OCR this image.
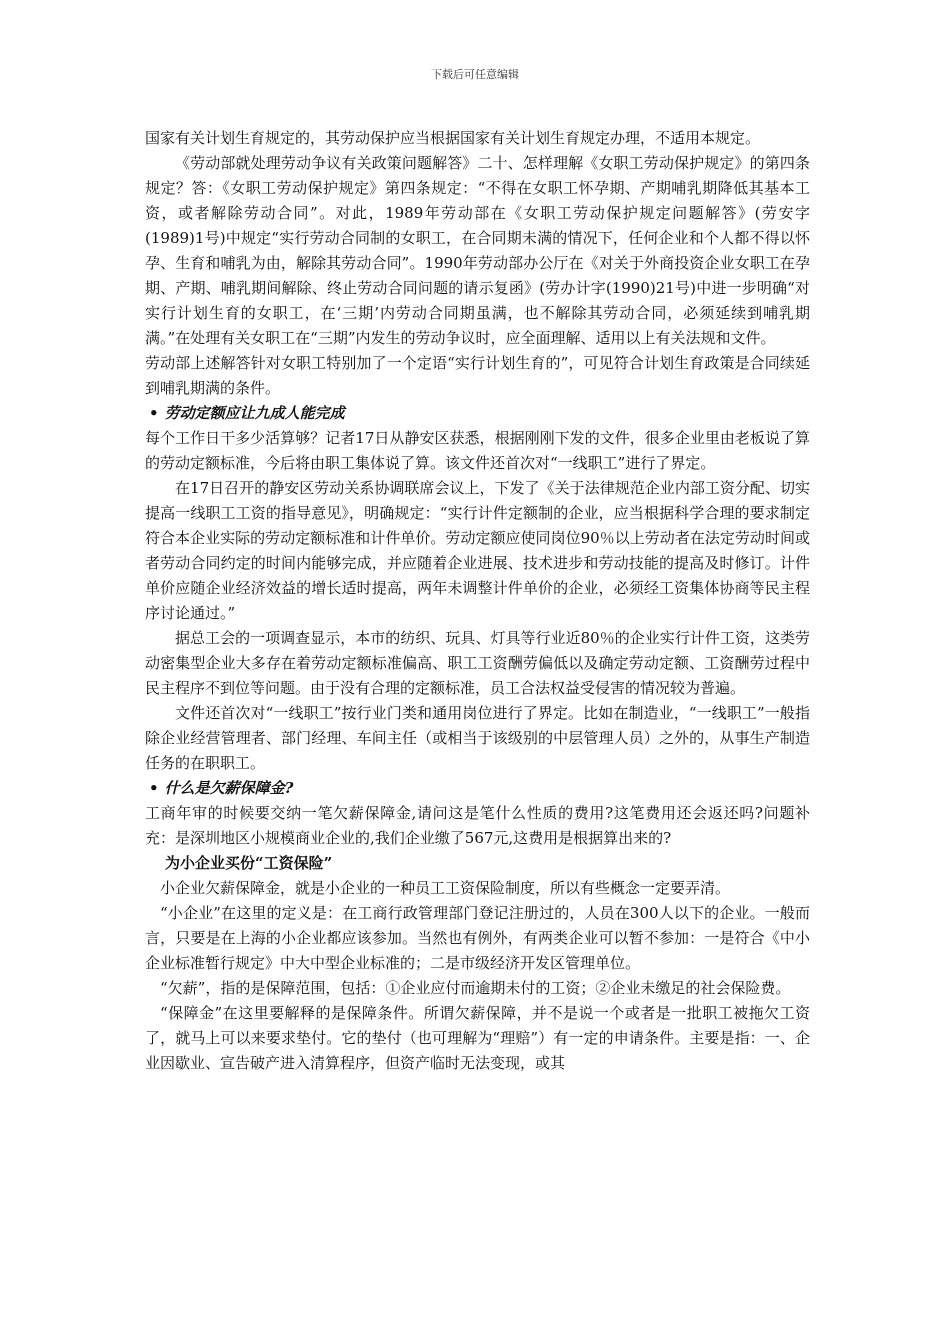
下载后可任意编辑

国家有关计划生育规定的，其劳动保护应当根据国家有关计划生育规定办理，不适用本规定。

《劳动部就处理劳动争议有关政策问题解答》二十、怎样理解《女职工劳动保护规定》的第四条规定？答：《女职工劳动保护规定》第四条规定：“不得在女职工怀孕期、产期哺乳期降低其基本工资，或者解除劳动合同”。对此，1989年劳动部在《女职工劳动保护规定问题解答》(劳安字(1989)1号)中规定“实行劳动合同制的女职工，在合同期未满的情况下，任何企业和个人都不得以怀孕、生育和哺乳为由，解除其劳动合同”。1990年劳动部办公厅在《对关于外商投资企业女职工在孕期、产期、哺乳期间解除、终止劳动合同问题的请示复函》(劳办计字(1990)21号)中进一步明确“对实行计划生育的女职工，在‘三期’内劳动合同期虽满，也不解除其劳动合同，必须延续到哺乳期满。”在处理有关女职工在“三期”内发生的劳动争议时，应全面理解、适用以上有关法规和文件。

劳动部上述解答针对女职工特别加了一个定语“实行计划生育的”，可见符合计划生育政策是合同续延到哺乳期满的条件。

• 劳动定额应让九成人能完成

每个工作日干多少活算够？记者17日从静安区获悉，根据刚刚下发的文件，很多企业里由老板说了算的劳动定额标准，今后将由职工集体说了算。该文件还首次对“一线职工”进行了界定。

在17日召开的静安区劳动关系协调联席会议上，下发了《关于法律规范企业内部工资分配、切实提高一线职工工资的指导意见》，明确规定：“实行计件定额制的企业，应当根据科学合理的要求制定符合本企业实际的劳动定额标准和计件单价。劳动定额应使同岗位90％以上劳动者在法定劳动时间或者劳动合同约定的时间内能够完成，并应随着企业进展、技术进步和劳动技能的提高及时修订。计件单价应随企业经济效益的增长适时提高，两年未调整计件单价的企业，必须经工资集体协商等民主程序讨论通过。”

据总工会的一项调查显示，本市的纺织、玩具、灯具等行业近80％的企业实行计件工资，这类劳动密集型企业大多存在着劳动定额标准偏高、职工工资酬劳偏低以及确定劳动定额、工资酬劳过程中民主程序不到位等问题。由于没有合理的定额标准，员工合法权益受侵害的情况较为普遍。

文件还首次对“一线职工”按行业门类和通用岗位进行了界定。比如在制造业，“一线职工”一般指除企业经营管理者、部门经理、车间主任（或相当于该级别的中层管理人员）之外的，从事生产制造任务的在职职工。

• 什么是欠薪保障金?

工商年审的时候要交纳一笔欠薪保障金,请问这是笔什么性质的费用?这笔费用还会返还吗?问题补充：是深圳地区小规模商业企业的,我们企业缴了567元,这费用是根据算出来的?

为小企业买份“工资保险”

小企业欠薪保障金，就是小企业的一种员工工资保险制度，所以有些概念一定要弄清。

“小企业”在这里的定义是：在工商行政管理部门登记注册过的，人员在300人以下的企业。一般而言，只要是在上海的小企业都应该参加。当然也有例外，有两类企业可以暂不参加：一是符合《中小企业标准暂行规定》中大中型企业标准的；二是市级经济开发区管理单位。

“欠薪”，指的是保障范围，包括：①企业应付而逾期未付的工资；②企业未缴足的社会保险费。

“保障金”在这里要解释的是保障条件。所谓欠薪保障，并不是说一个或者是一批职工被拖欠工资了，就马上可以来要求垫付。它的垫付（也可理解为“理赔”）有一定的申请条件。主要是指：一、企业因歇业、宣告破产进入清算程序，但资产临时无法变现，或其
